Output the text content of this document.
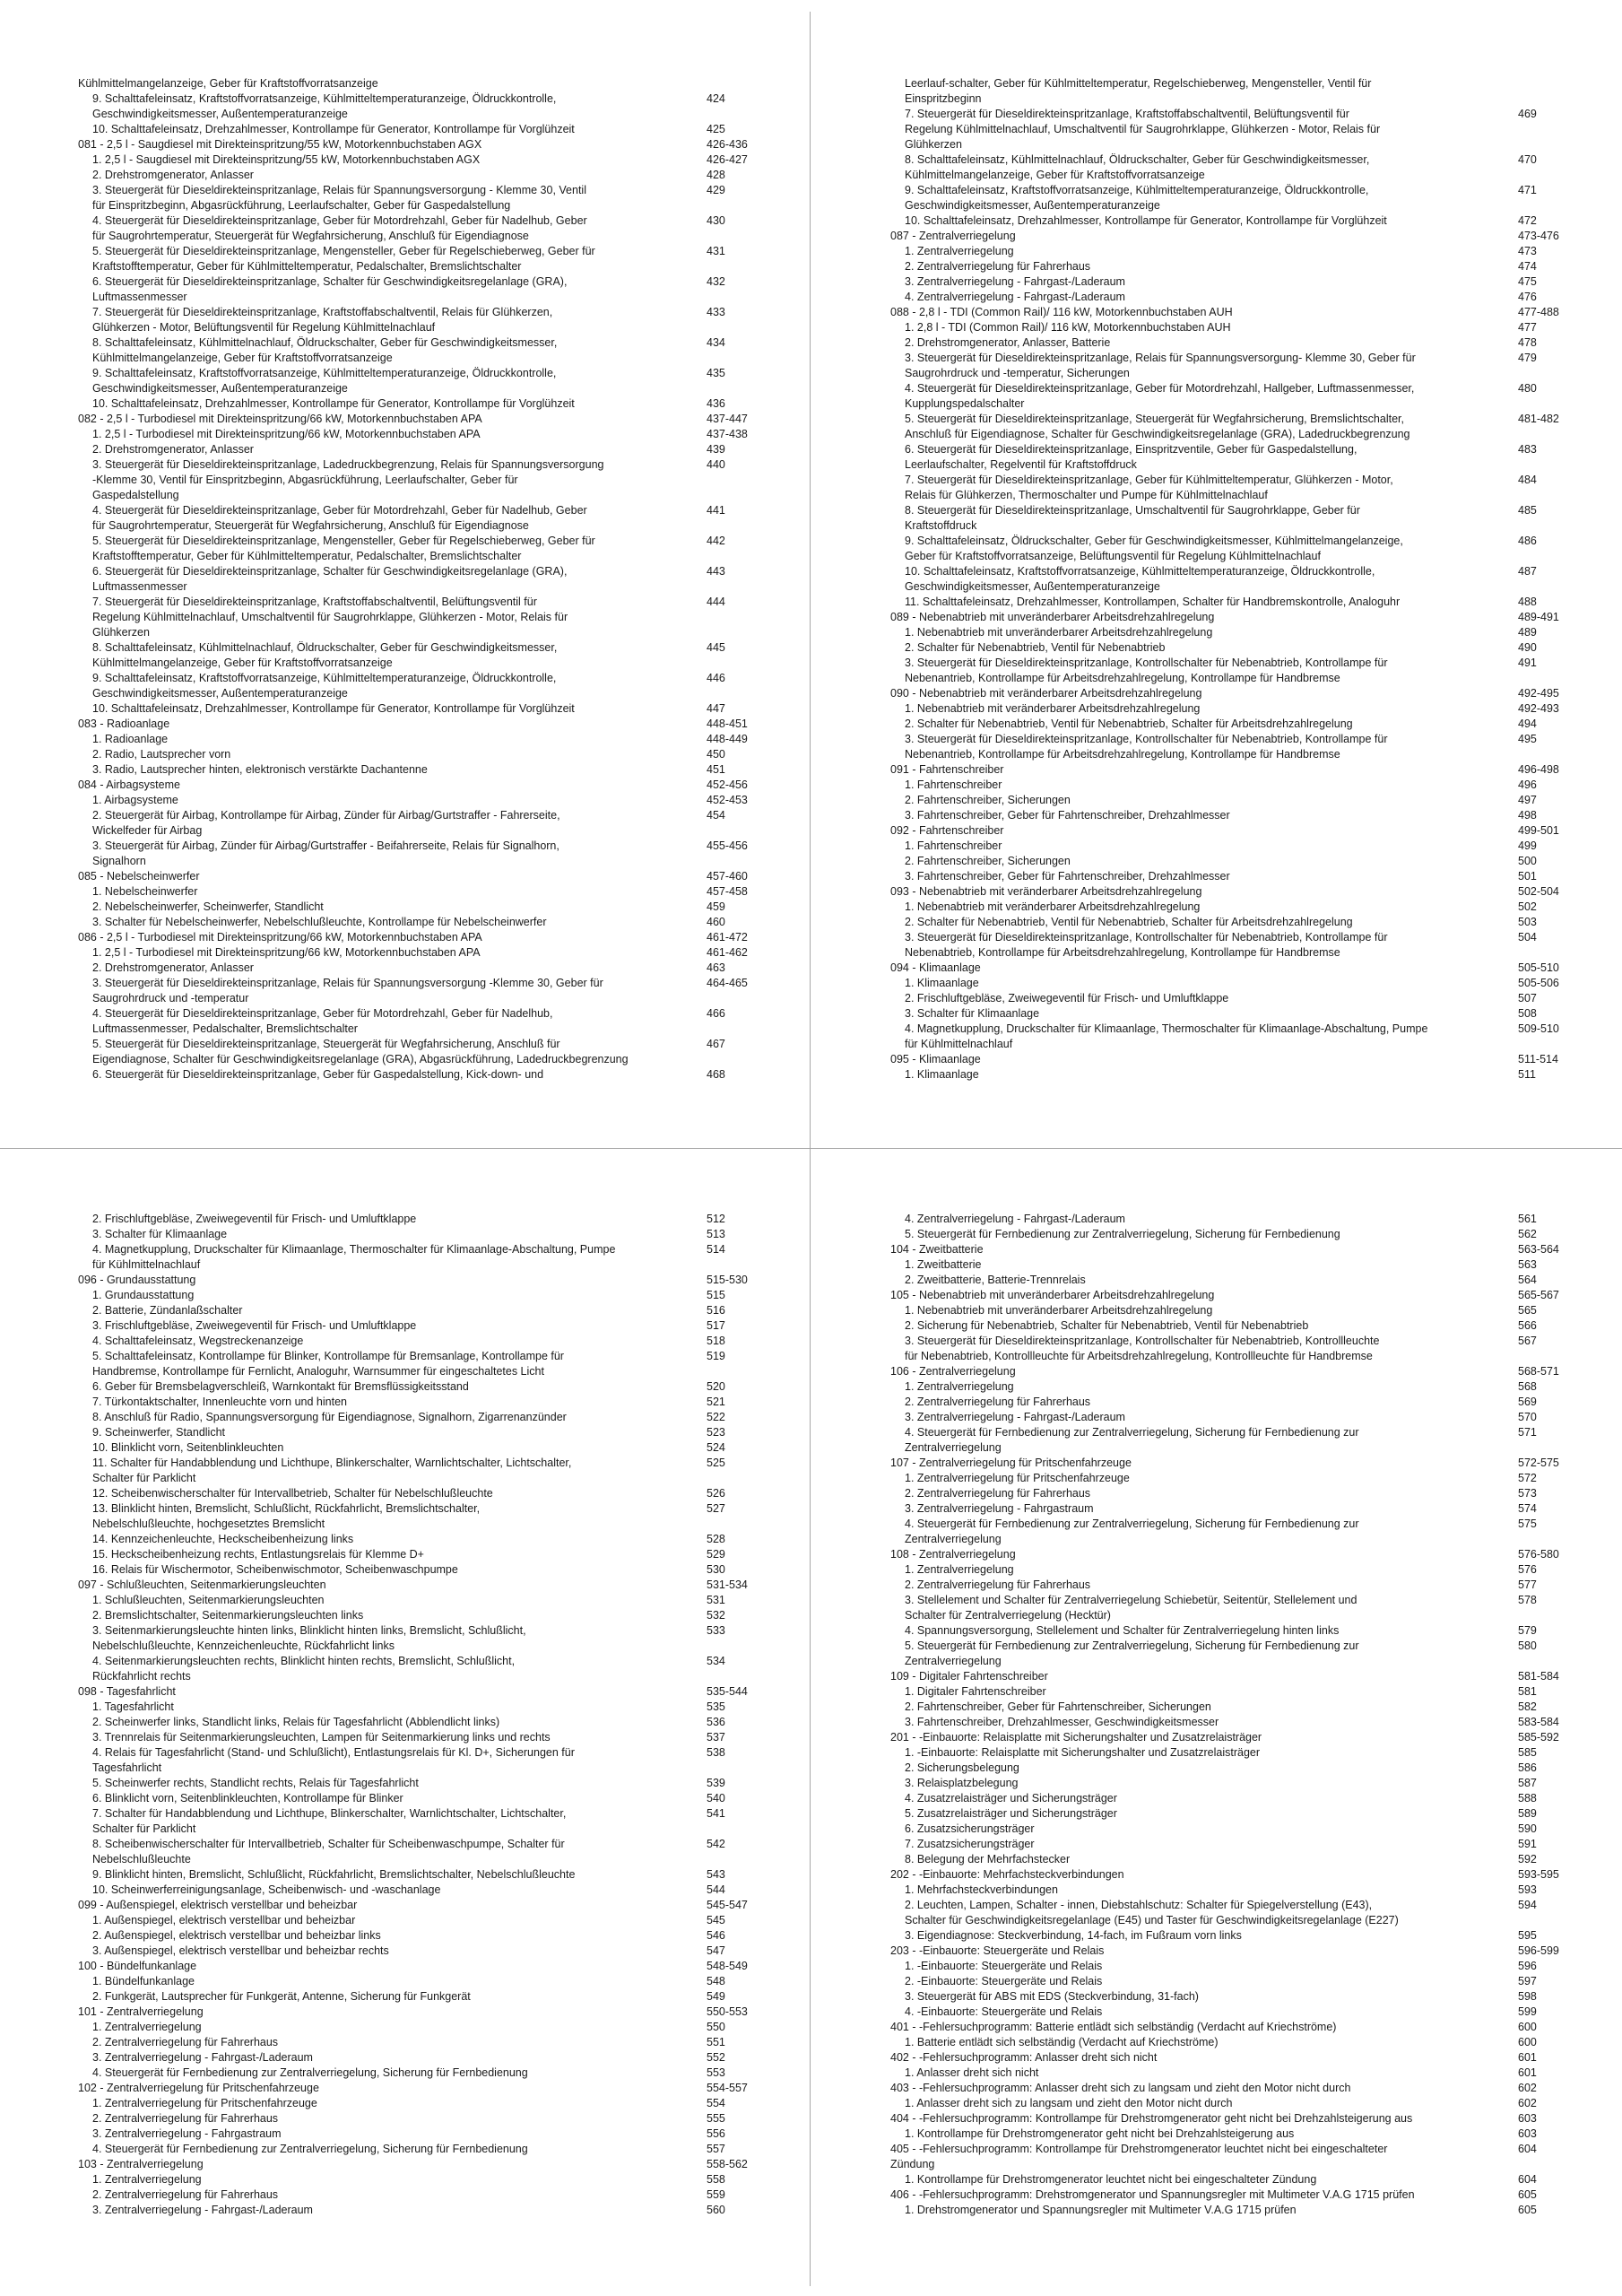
Kühlmittelmangelanzeige, Geber für Kraftstoffvorratsanzeige
9. Schalttafeleinsatz, Kraftstoffvorratsanzeige, Kühlmitteltemperaturanzeige, Öldruckkontrolle,	424
Geschwindigkeitsmesser, Außentemperaturanzeige
10. Schalttafeleinsatz, Drehzahlmesser, Kontrollampe für Generator, Kontrollampe für Vorglühzeit	425
081 - 2,5 l - Saugdiesel mit Direkteinspritzung/55 kW, Motorkennbuchstaben AGX	426-436
1. 2,5 l - Saugdiesel mit Direkteinspritzung/55 kW, Motorkennbuchstaben AGX	426-427
2. Drehstromgenerator, Anlasser	428
3. Steuergerät für Dieseldirekteinspritzanlage, Relais für Spannungsversorgung - Klemme 30, Ventil	429
für Einspritzbeginn, Abgasrückführung, Leerlaufschalter, Geber für Gaspedalstellung
4. Steuergerät für Dieseldirekteinspritzanlage, Geber für Motordrehzahl, Geber für Nadelhub, Geber	430
für Saugrohrtemperatur, Steuergerät für Wegfahrsicherung, Anschluß für Eigendiagnose
5. Steuergerät für Dieseldirekteinspritzanlage, Mengensteller, Geber für Regelschieberweg, Geber für	431
Kraftstofftemperatur, Geber für Kühlmitteltemperatur, Pedalschalter, Bremslichtschalter
6. Steuergerät für Dieseldirekteinspritzanlage, Schalter für Geschwindigkeitsregelanlage (GRA),	432
Luftmassenmesser
7. Steuergerät für Dieseldirekteinspritzanlage, Kraftstoffabschaltventil, Relais für Glühkerzen,	433
Glühkerzen - Motor, Belüftungsventil für Regelung Kühlmittelnachlauf
8. Schalttafeleinsatz, Kühlmittelnachlauf, Öldruckschalter, Geber für Geschwindigkeitsmesser,	434
Kühlmittelmangelanzeige, Geber für Kraftstoffvorratsanzeige
9. Schalttafeleinsatz, Kraftstoffvorratsanzeige, Kühlmitteltemperaturanzeige, Öldruckkontrolle,	435
Geschwindigkeitsmesser, Außentemperaturanzeige
10. Schalttafeleinsatz, Drehzahlmesser, Kontrollampe für Generator, Kontrollampe für Vorglühzeit	436
082 - 2,5 l - Turbodiesel mit Direkteinspritzung/66 kW, Motorkennbuchstaben APA	437-447
1. 2,5 l - Turbodiesel mit Direkteinspritzung/66 kW, Motorkennbuchstaben APA	437-438
2. Drehstromgenerator, Anlasser	439
3. Steuergerät für Dieseldirekteinspritzanlage, Ladedruckbegrenzung, Relais für Spannungsversorgung	440
-Klemme 30, Ventil für Einspritzbeginn, Abgasrückführung, Leerlaufschalter, Geber für
Gaspedalstellung
4. Steuergerät für Dieseldirekteinspritzanlage, Geber für Motordrehzahl, Geber für Nadelhub, Geber	441
für Saugrohrtemperatur, Steuergerät für Wegfahrsicherung, Anschluß für Eigendiagnose
5. Steuergerät für Dieseldirekteinspritzanlage, Mengensteller, Geber für Regelschieberweg, Geber für	442
Kraftstofftemperatur, Geber für Kühlmitteltemperatur, Pedalschalter, Bremslichtschalter
6. Steuergerät für Dieseldirekteinspritzanlage, Schalter für Geschwindigkeitsregelanlage (GRA),	443
Luftmassenmesser
7. Steuergerät für Dieseldirekteinspritzanlage, Kraftstoffabschaltventil, Belüftungsventil für	444
Regelung Kühlmittelnachlauf, Umschaltventil für Saugrohrklappe, Glühkerzen - Motor, Relais für
Glühkerzen
8. Schalttafeleinsatz, Kühlmittelnachlauf, Öldruckschalter, Geber für Geschwindigkeitsmesser,	445
Kühlmittelmangelanzeige, Geber für Kraftstoffvorratsanzeige
9. Schalttafeleinsatz, Kraftstoffvorratsanzeige, Kühlmitteltemperaturanzeige, Öldruckkontrolle,	446
Geschwindigkeitsmesser, Außentemperaturanzeige
10. Schalttafeleinsatz, Drehzahlmesser, Kontrollampe für Generator, Kontrollampe für Vorglühzeit	447
083 - Radioanlage	448-451
1. Radioanlage	448-449
2. Radio, Lautsprecher vorn	450
3. Radio, Lautsprecher hinten, elektronisch verstärkte Dachantenne	451
084 - Airbagsysteme	452-456
1. Airbagsysteme	452-453
2. Steuergerät für Airbag, Kontrollampe für Airbag, Zünder für Airbag/Gurtstraffer - Fahrerseite,	454
Wickelfeder für Airbag
3. Steuergerät für Airbag, Zünder für Airbag/Gurtstraffer - Beifahrerseite, Relais für Signalhorn,	455-456
Signalhorn
085 - Nebelscheinwerfer	457-460
1. Nebelscheinwerfer	457-458
2. Nebelscheinwerfer, Scheinwerfer, Standlicht	459
3. Schalter für Nebelscheinwerfer, Nebelschlußleuchte, Kontrollampe für Nebelscheinwerfer	460
086 - 2,5 l - Turbodiesel mit Direkteinspritzung/66 kW, Motorkennbuchstaben APA	461-472
1. 2,5 l - Turbodiesel mit Direkteinspritzung/66 kW, Motorkennbuchstaben APA	461-462
2. Drehstromgenerator, Anlasser	463
3. Steuergerät für Dieseldirekteinspritzanlage, Relais für Spannungsversorgung -Klemme 30, Geber für	464-465
Saugrohrdruck und -temperatur
4. Steuergerät für Dieseldirekteinspritzanlage, Geber für Motordrehzahl, Geber für Nadelhub,	466
Luftmassenmesser, Pedalschalter, Bremslichtschalter
5. Steuergerät für Dieseldirekteinspritzanlage, Steuergerät für Wegfahrsicherung, Anschluß für	467
Eigendiagnose, Schalter für Geschwindigkeitsregelanlage (GRA), Abgasrückführung, Ladedruckbegrenzung
6. Steuergerät für Dieseldirekteinspritzanlage, Geber für Gaspedalstellung, Kick-down- und	468
Leerlauf-schalter, Geber für Kühlmitteltemperatur, Regelschieberweg, Mengensteller, Ventil für
Einspritzbeginn
7. Steuergerät für Dieseldirekteinspritzanlage, Kraftstoffabschaltventil, Belüftungsventil für	469
Regelung Kühlmittelnachlauf, Umschaltventil für Saugrohrklappe, Glühkerzen - Motor, Relais für
Glühkerzen
8. Schalttafeleinsatz, Kühlmittelnachlauf, Öldruckschalter, Geber für Geschwindigkeitsmesser,	470
Kühlmittelmangelanzeige, Geber für Kraftstoffvorratsanzeige
9. Schalttafeleinsatz, Kraftstoffvorratsanzeige, Kühlmitteltemperaturanzeige, Öldruckkontrolle,	471
Geschwindigkeitsmesser, Außentemperaturanzeige
10. Schalttafeleinsatz, Drehzahlmesser, Kontrollampe für Generator, Kontrollampe für Vorglühzeit	472
087 - Zentralverriegelung	473-476
1. Zentralverriegelung	473
2. Zentralverriegelung für Fahrerhaus	474
3. Zentralverriegelung - Fahrgast-/Laderaum	475
4. Zentralverriegelung - Fahrgast-/Laderaum	476
088 - 2,8 l - TDI (Common Rail)/ 116 kW, Motorkennbuchstaben AUH	477-488
1. 2,8 l - TDI (Common Rail)/ 116 kW, Motorkennbuchstaben AUH	477
2. Drehstromgenerator, Anlasser, Batterie	478
3. Steuergerät für Dieseldirekteinspritzanlage, Relais für Spannungsversorgung- Klemme 30, Geber für	479
Saugrohrdruck und -temperatur, Sicherungen
4. Steuergerät für Dieseldirekteinspritzanlage, Geber für Motordrehzahl, Hallgeber, Luftmassenmesser,	480
Kupplungspedalschalter
5. Steuergerät für Dieseldirekteinspritzanlage, Steuergerät für Wegfahrsicherung, Bremslichtschalter,	481-482
Anschluß für Eigendiagnose, Schalter für Geschwindigkeitsregelanlage (GRA), Ladedruckbegrenzung
6. Steuergerät für Dieseldirekteinspritzanlage, Einspritzventile, Geber für Gaspedalstellung,	483
Leerlaufschalter, Regelventil für Kraftstoffdruck
7. Steuergerät für Dieseldirekteinspritzanlage, Geber für Kühlmitteltemperatur, Glühkerzen - Motor,	484
Relais für Glühkerzen, Thermoschalter und Pumpe für Kühlmittelnachlauf
8. Steuergerät für Dieseldirekteinspritzanlage, Umschaltventil für Saugrohrklappe, Geber für	485
Kraftstoffdruck
9. Schalttafeleinsatz, Öldruckschalter, Geber für Geschwindigkeitsmesser, Kühlmittelmangelanzeige,	486
Geber für Kraftstoffvorratsanzeige, Belüftungsventil für Regelung Kühlmittelnachlauf
10. Schalttafeleinsatz, Kraftstoffvorratsanzeige, Kühlmitteltemperaturanzeige, Öldruckkontrolle,	487
Geschwindigkeitsmesser, Außentemperaturanzeige
11. Schalttafeleinsatz, Drehzahlmesser, Kontrollampen, Schalter für Handbremskontrolle, Analoguhr	488
089 - Nebenabtrieb mit unveränderbarer Arbeitsdrehzahlregelung	489-491
1. Nebenabtrieb mit unveränderbarer Arbeitsdrehzahlregelung	489
2. Schalter für Nebenabtrieb, Ventil für Nebenabtrieb	490
3. Steuergerät für Dieseldirekteinspritzanlage, Kontrollschalter für Nebenabtrieb, Kontrollampe für	491
Nebenantrieb, Kontrollampe für Arbeitsdrehzahlregelung, Kontrollampe für Handbremse
090 - Nebenabtrieb mit veränderbarer Arbeitsdrehzahlregelung	492-495
1. Nebenabtrieb mit veränderbarer Arbeitsdrehzahlregelung	492-493
2. Schalter für Nebenabtrieb, Ventil für Nebenabtrieb, Schalter für Arbeitsdrehzahlregelung	494
3. Steuergerät für Dieseldirekteinspritzanlage, Kontrollschalter für Nebenabtrieb, Kontrollampe für	495
Nebenantrieb, Kontrollampe für Arbeitsdrehzahlregelung, Kontrollampe für Handbremse
091 - Fahrtenschreiber	496-498
1. Fahrtenschreiber	496
2. Fahrtenschreiber, Sicherungen	497
3. Fahrtenschreiber, Geber für Fahrtenschreiber, Drehzahlmesser	498
092 - Fahrtenschreiber	499-501
1. Fahrtenschreiber	499
2. Fahrtenschreiber, Sicherungen	500
3. Fahrtenschreiber, Geber für Fahrtenschreiber, Drehzahlmesser	501
093 - Nebenabtrieb mit veränderbarer Arbeitsdrehzahlregelung	502-504
1. Nebenabtrieb mit veränderbarer Arbeitsdrehzahlregelung	502
2. Schalter für Nebenabtrieb, Ventil für Nebenabtrieb, Schalter für Arbeitsdrehzahlregelung	503
3. Steuergerät für Dieseldirekteinspritzanlage, Kontrollschalter für Nebenabtrieb, Kontrollampe für	504
Nebenabtrieb, Kontrollampe für Arbeitsdrehzahlregelung, Kontrollampe für Handbremse
094 - Klimaanlage	505-510
1. Klimaanlage	505-506
2. Frischluftgebläse, Zweiwegeventil für Frisch- und Umluftklappe	507
3. Schalter für Klimaanlage	508
4. Magnetkupplung, Druckschalter für Klimaanlage, Thermoschalter für Klimaanlage-Abschaltung, Pumpe	509-510
für Kühlmittelnachlauf
095 - Klimaanlage	511-514
1. Klimaanlage	511
2. Frischluftgebläse, Zweiwegeventil für Frisch- und Umluftklappe	512
3. Schalter für Klimaanlage	513
4. Magnetkupplung, Druckschalter für Klimaanlage, Thermoschalter für Klimaanlage-Abschaltung, Pumpe	514
für Kühlmittelnachlauf
096 - Grundausstattung	515-530
1. Grundausstattung	515
2. Batterie, Zündanlaßschalter	516
3. Frischluftgebläse, Zweiwegeventil für Frisch- und Umluftklappe	517
4. Schalttafeleinsatz, Wegstreckenanzeige	518
5. Schalttafeleinsatz, Kontrollampe für Blinker, Kontrollampe für Bremsanlage, Kontrollampe für	519
Handbremse, Kontrollampe für Fernlicht, Analoguhr, Warnsummer für eingeschaltetes Licht
6. Geber für Bremsbelagverschleiß, Warnkontakt für Bremsflüssigkeitsstand	520
7. Türkontaktschalter, Innenleuchte vorn und hinten	521
8. Anschluß für Radio, Spannungsversorgung für Eigendiagnose, Signalhorn, Zigarrenanzünder	522
9. Scheinwerfer, Standlicht	523
10. Blinklicht vorn, Seitenblinkleuchten	524
11. Schalter für Handabblendung und Lichthupe, Blinkerschalter, Warnlichtschalter, Lichtschalter,	525
Schalter für Parklicht
12. Scheibenwischerschalter für Intervallbetrieb, Schalter für Nebelschlußleuchte	526
13. Blinklicht hinten, Bremslicht, Schlußlicht, Rückfahrlicht, Bremslichtschalter,	527
Nebelschlußleuchte, hochgesetztes Bremslicht
14. Kennzeichenleuchte, Heckscheibenheizung links	528
15. Heckscheibenheizung rechts, Entlastungsrelais für Klemme D+	529
16. Relais für Wischermotor, Scheibenwischmotor, Scheibenwaschpumpe	530
097 - Schlußleuchten, Seitenmarkierungsleuchten	531-534
1. Schlußleuchten, Seitenmarkierungsleuchten	531
2. Bremslichtschalter, Seitenmarkierungsleuchten links	532
3. Seitenmarkierungsleuchte hinten links, Blinklicht hinten links, Bremslicht, Schlußlicht,	533
Nebelschlußleuchte, Kennzeichenleuchte, Rückfahrlicht links
4. Seitenmarkierungsleuchten rechts, Blinklicht hinten rechts, Bremslicht, Schlußlicht,	534
Rückfahrlicht rechts
098 - Tagesfahrlicht	535-544
1. Tagesfahrlicht	535
2. Scheinwerfer links, Standlicht links, Relais für Tagesfahrlicht (Abblendlicht links)	536
3. Trennrelais für Seitenmarkierungsleuchten, Lampen für Seitenmarkierung links und rechts	537
4. Relais für Tagesfahrlicht (Stand- und Schlußlicht), Entlastungsrelais für Kl. D+, Sicherungen für	538
Tagesfahrlicht
5. Scheinwerfer rechts, Standlicht rechts, Relais für Tagesfahrlicht	539
6. Blinklicht vorn, Seitenblinkleuchten, Kontrollampe für Blinker	540
7. Schalter für Handabblendung und Lichthupe, Blinkerschalter, Warnlichtschalter, Lichtschalter,	541
Schalter für Parklicht
8. Scheibenwischerschalter für Intervallbetrieb, Schalter für Scheibenwaschpumpe, Schalter für	542
Nebelschlußleuchte
9. Blinklicht hinten, Bremslicht, Schlußlicht, Rückfahrlicht, Bremslichtschalter, Nebelschlußleuchte	543
10. Scheinwerferreinigungsanlage, Scheibenwisch- und -waschanlage	544
099 - Außenspiegel, elektrisch verstellbar und beheizbar	545-547
1. Außenspiegel, elektrisch verstellbar und beheizbar	545
2. Außenspiegel, elektrisch verstellbar und beheizbar links	546
3. Außenspiegel, elektrisch verstellbar und beheizbar rechts	547
100 - Bündelfunkanlage	548-549
1. Bündelfunkanlage	548
2. Funkgerät, Lautsprecher für Funkgerät, Antenne, Sicherung für Funkgerät	549
101 - Zentralverriegelung	550-553
1. Zentralverriegelung	550
2. Zentralverriegelung für Fahrerhaus	551
3. Zentralverriegelung - Fahrgast-/Laderaum	552
4. Steuergerät für Fernbedienung zur Zentralverriegelung, Sicherung für Fernbedienung	553
102 - Zentralverriegelung für Pritschenfahrzeuge	554-557
1. Zentralverriegelung für Pritschenfahrzeuge	554
2. Zentralverriegelung für Fahrerhaus	555
3. Zentralverriegelung - Fahrgastraum	556
4. Steuergerät für Fernbedienung zur Zentralverriegelung, Sicherung für Fernbedienung	557
103 - Zentralverriegelung	558-562
1. Zentralverriegelung	558
2. Zentralverriegelung für Fahrerhaus	559
3. Zentralverriegelung - Fahrgast-/Laderaum	560
4. Zentralverriegelung - Fahrgast-/Laderaum	561
5. Steuergerät für Fernbedienung zur Zentralverriegelung, Sicherung für Fernbedienung	562
104 - Zweitbatterie	563-564
1. Zweitbatterie	563
2. Zweitbatterie, Batterie-Trennrelais	564
105 - Nebenabtrieb mit unveränderbarer Arbeitsdrehzahlregelung	565-567
1. Nebenabtrieb mit unveränderbarer Arbeitsdrehzahlregelung	565
2. Sicherung für Nebenabtrieb, Schalter für Nebenabtrieb, Ventil für Nebenabtrieb	566
3. Steuergerät für Dieseldirekteinspritzanlage, Kontrollschalter für Nebenabtrieb, Kontrollleuchte	567
für Nebenabtrieb, Kontrollleuchte für Arbeitsdrehzahlregelung, Kontrollleuchte für Handbremse
106 - Zentralverriegelung	568-571
1. Zentralverriegelung	568
2. Zentralverriegelung für Fahrerhaus	569
3. Zentralverriegelung - Fahrgast-/Laderaum	570
4. Steuergerät für Fernbedienung zur Zentralverriegelung, Sicherung für Fernbedienung zur	571
Zentralverriegelung
107 - Zentralverriegelung für Pritschenfahrzeuge	572-575
1. Zentralverriegelung für Pritschenfahrzeuge	572
2. Zentralverriegelung für Fahrerhaus	573
3. Zentralverriegelung - Fahrgastraum	574
4. Steuergerät für Fernbedienung zur Zentralverriegelung, Sicherung für Fernbedienung zur	575
Zentralverriegelung
108 - Zentralverriegelung	576-580
1. Zentralverriegelung	576
2. Zentralverriegelung für Fahrerhaus	577
3. Stellelement und Schalter für Zentralverriegelung Schiebetür, Seitentür, Stellelement und	578
Schalter für Zentralverriegelung (Hecktür)
4. Spannungsversorgung, Stellelement und Schalter für Zentralverriegelung hinten links	579
5. Steuergerät für Fernbedienung zur Zentralverriegelung, Sicherung für Fernbedienung zur	580
Zentralverriegelung
109 - Digitaler Fahrtenschreiber	581-584
1. Digitaler Fahrtenschreiber	581
2. Fahrtenschreiber, Geber für Fahrtenschreiber, Sicherungen	582
3. Fahrtenschreiber, Drehzahlmesser, Geschwindigkeitsmesser	583-584
201 - -Einbauorte: Relaisplatte mit Sicherungshalter und Zusatzrelaisträger	585-592
1. -Einbauorte: Relaisplatte mit Sicherungshalter und Zusatzrelaisträger	585
2. Sicherungsbelegung	586
3. Relaisplatzbelegung	587
4. Zusatzrelaisträger und Sicherungsträger	588
5. Zusatzrelaisträger und Sicherungsträger	589
6. Zusatzsicherungsträger	590
7. Zusatzsicherungsträger	591
8. Belegung der Mehrfachstecker	592
202 - -Einbauorte: Mehrfachsteckverbindungen	593-595
1. Mehrfachsteckverbindungen	593
2. Leuchten, Lampen, Schalter - innen, Diebstahlschutz: Schalter für Spiegelverstellung (E43),	594
Schalter für Geschwindigkeitsregelanlage (E45) und Taster für Geschwindigkeitsregelanlage (E227)
3. Eigendiagnose: Steckverbindung, 14-fach, im Fußraum vorn links	595
203 - -Einbauorte: Steuergeräte und Relais	596-599
1. -Einbauorte: Steuergeräte und Relais	596
2. -Einbauorte: Steuergeräte und Relais	597
3. Steuergerät für ABS mit EDS (Steckverbindung, 31-fach)	598
4. -Einbauorte: Steuergeräte und Relais	599
401 - -Fehlersuchprogramm: Batterie entlädt sich selbständig (Verdacht auf Kriechströme)	600
1. Batterie entlädt sich selbständig (Verdacht auf Kriechströme)	600
402 - -Fehlersuchprogramm: Anlasser dreht sich nicht	601
1. Anlasser dreht sich nicht	601
403 - -Fehlersuchprogramm: Anlasser dreht sich zu langsam und zieht den Motor nicht durch	602
1. Anlasser dreht sich zu langsam und zieht den Motor nicht durch	602
404 - -Fehlersuchprogramm: Kontrollampe für Drehstromgenerator geht nicht bei Drehzahlsteigerung aus	603
1. Kontrollampe für Drehstromgenerator geht nicht bei Drehzahlsteigerung aus	603
405 - -Fehlersuchprogramm: Kontrollampe für Drehstromgenerator leuchtet nicht bei eingeschalteter	604
Zündung
1. Kontrollampe für Drehstromgenerator leuchtet nicht bei eingeschalteter Zündung	604
406 - -Fehlersuchprogramm: Drehstromgenerator und Spannungsregler mit Multimeter V.A.G 1715 prüfen	605
1. Drehstromgenerator und Spannungsregler mit Multimeter V.A.G 1715 prüfen	605
